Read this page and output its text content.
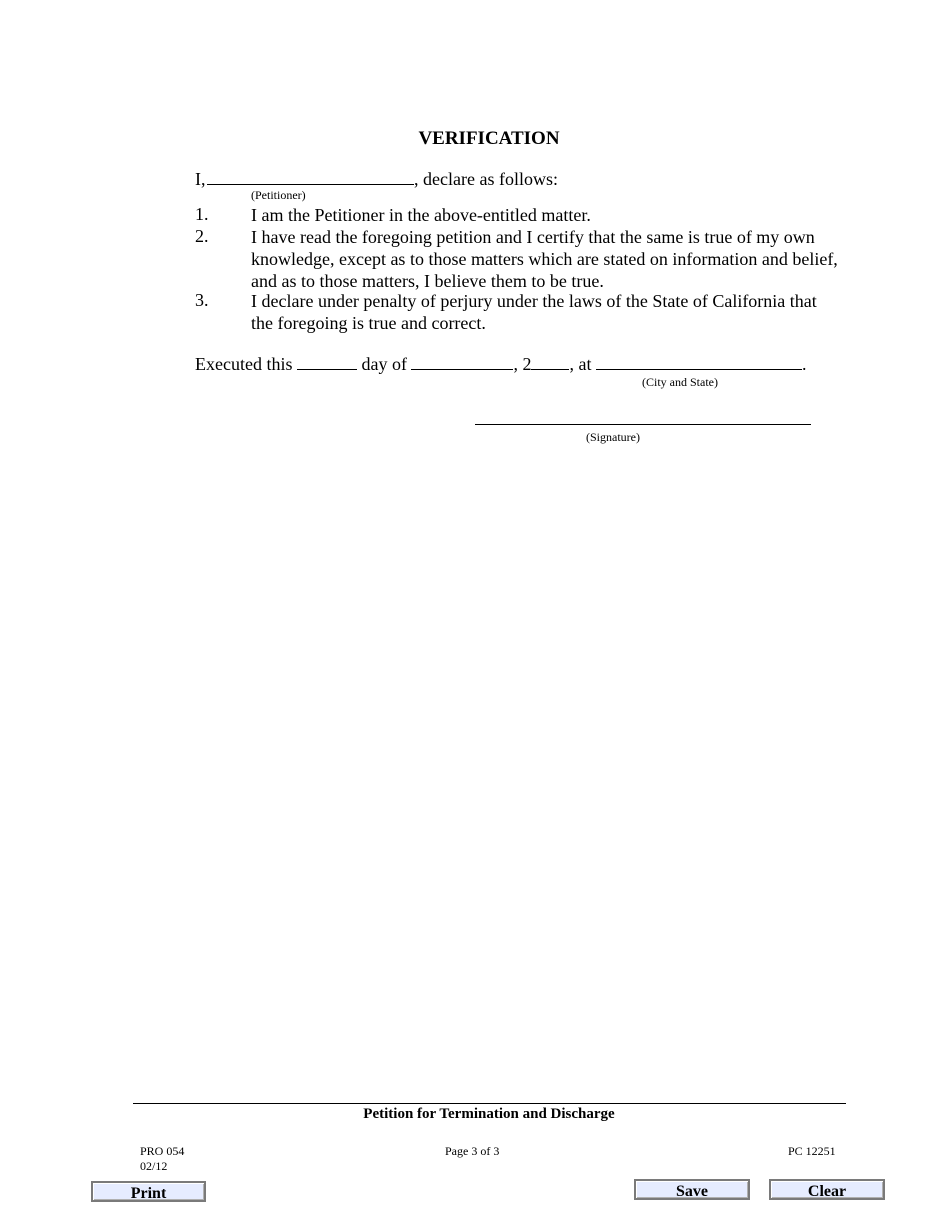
VERIFICATION
I,	, declare as follows:
(Petitioner)
1. I am the Petitioner in the above-entitled matter.
2. I have read the foregoing petition and I certify that the same is true of my own knowledge, except as to those matters which are stated on information and belief, and as to those matters, I believe them to be true.
3. I declare under penalty of perjury under the laws of the State of California that the foregoing is true and correct.
Executed this	day of	, 2 , at	.
(City and State)
(Signature)
Petition for Termination and Discharge
PRO 054
02/12
Page 3 of 3	PC 12251
Print	Save	Clear
